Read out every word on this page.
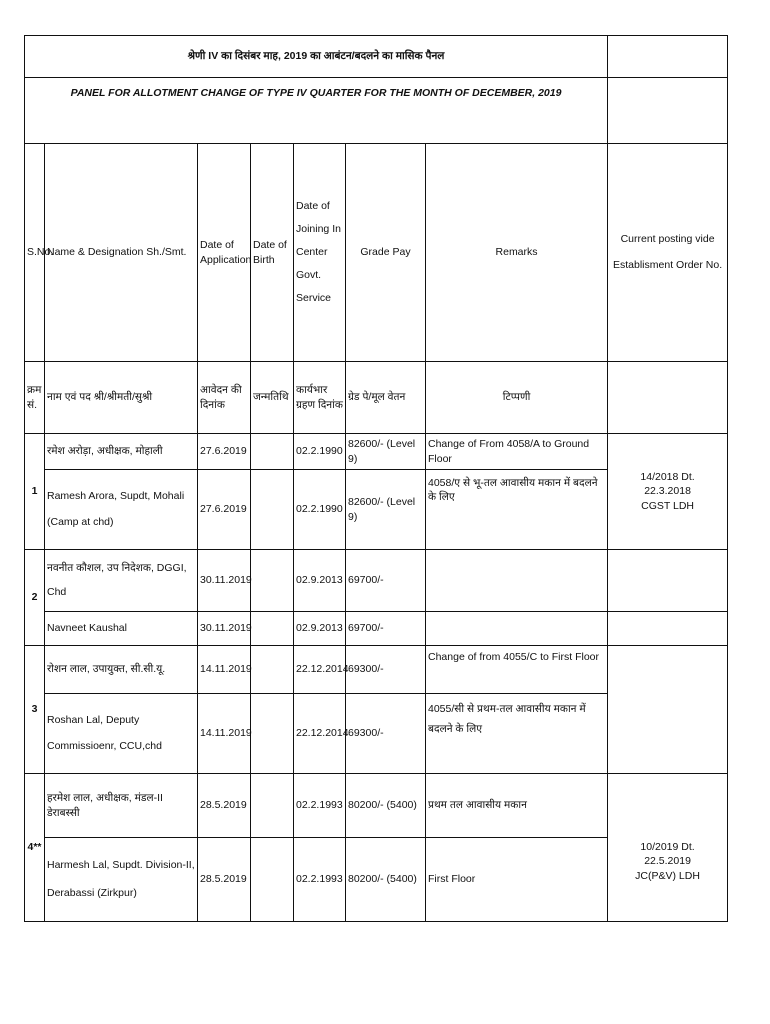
श्रेणी IV का दिसंबर माह, 2019 का आबंटन/बदलने का मासिक पैनल							
PANEL FOR ALLOTMENT CHANGE OF TYPE IV QUARTER FOR THE MONTH OF DECEMBER, 2019							
S.No.	Name & Designation Sh./Smt.	Date of Application	Date of Birth	Date of Joining In Center Govt. Service	Grade Pay	Remarks	Current posting vide Establisment Order No.
क्रम सं.	नाम एवं पद श्री/श्रीमती/सुश्री	आवेदन की दिनांक	जन्मतिथि	कार्यभार ग्रहण दिनांक	ग्रेड पे/मूल वेतन	टिप्पणी	
1	रमेश अरोड़ा, अधीक्षक, मोहाली	27.6.2019		02.2.1990	82600/- (Level 9)	Change of From 4058/A to Ground Floor	14/2018 Dt.
22.3.2018
CGST LDH

	Ramesh Arora, Supdt, Mohali
(Camp at chd)	27.6.2019		02.2.1990	82600/- (Level 9)	4058/ए से भू-तल आवासीय मकान में बदलने के लिए	
2	नवनीत कौशल, उप निदेशक, DGGI,
Chd	30.11.2019		02.9.2013	69700/-		
	Navneet Kaushal	30.11.2019		02.9.2013	69700/-		
3	रोशन लाल, उपायुक्त, सी.सी.यू.	14.11.2019		22.12.2014	69300/-	Change of from 4055/C to First Floor	

	Roshan Lal, Deputy
Commissioenr, CCU,chd	14.11.2019		22.12.2014	69300/-	4055/सी से प्रथम-तल आवासीय मकान में बदलने के लिए	
4**	हरमेश लाल, अधीक्षक, मंडल-II डेराबस्सी	28.5.2019		02.2.1993	80200/- (5400)	प्रथम तल आवासीय मकान	10/2019 Dt.
22.5.2019
JC(P&V) LDH

	Harmesh Lal, Supdt. Division-II,
Derabassi (Zirkpur)	28.5.2019		02.2.1993	80200/- (5400)	First Floor	
